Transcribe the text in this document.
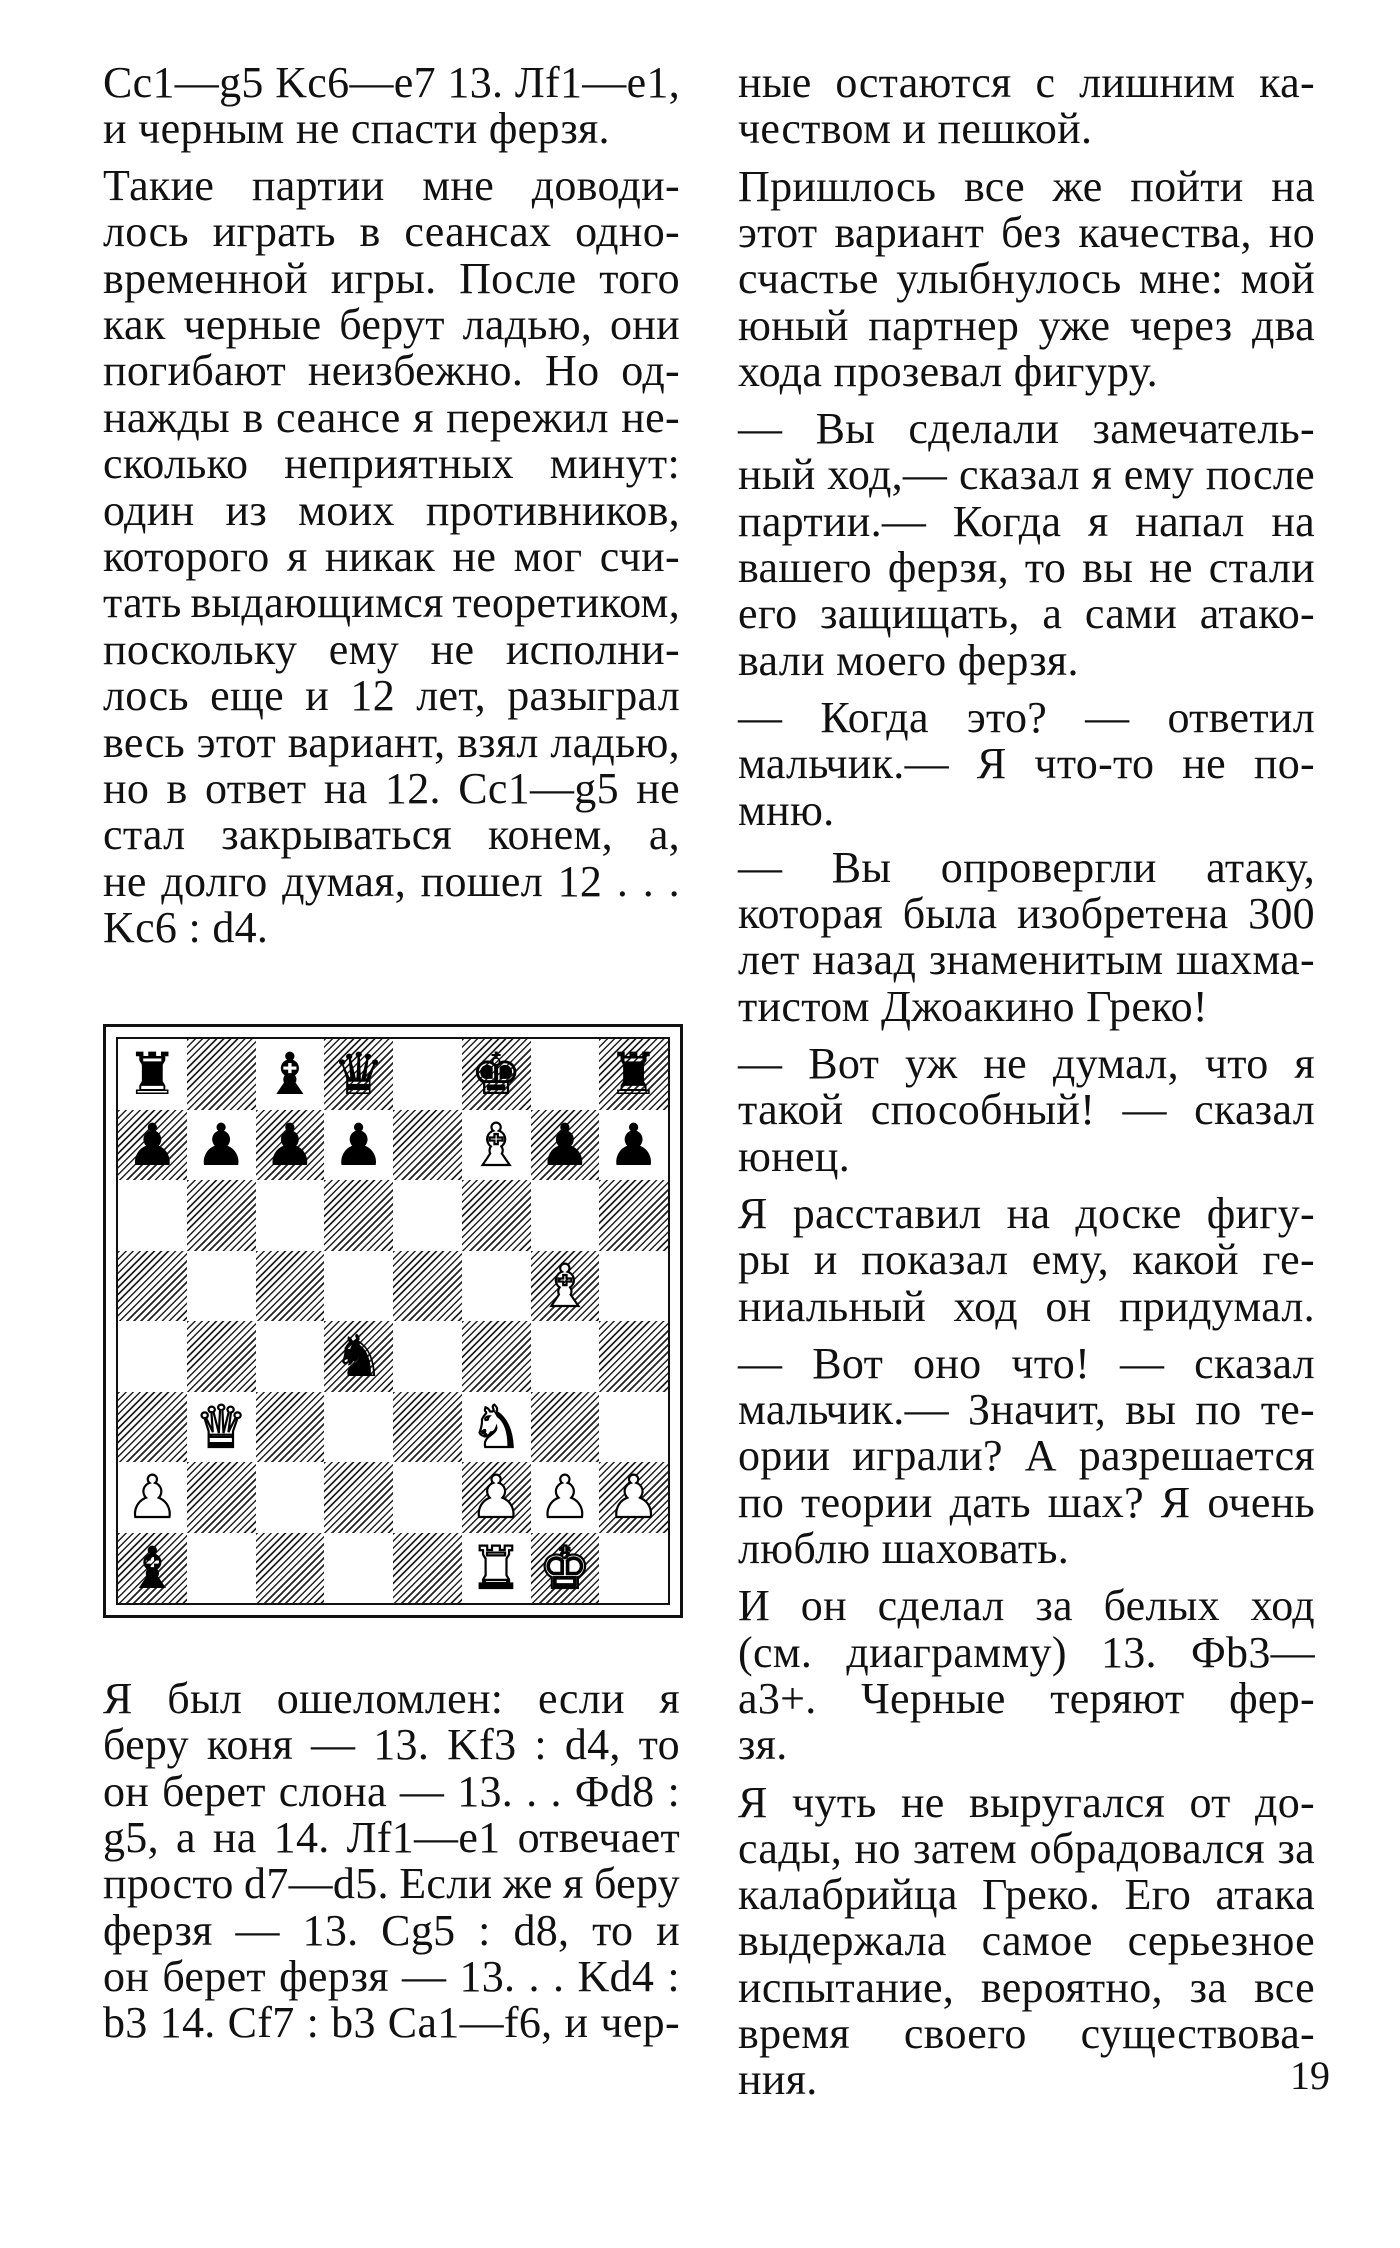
Cc1—g5 Kc6—e7 13. Лf1—e1,
и черным не спасти ферзя.
Такие партии мне доводи-
лось играть в сеансах одно-
временной игры. После того
как черные берут ладью, они
погибают неизбежно. Но од-
нажды в сеансе я пережил не-
сколько неприятных минут:
один из моих противников,
которого я никак не мог счи-
тать выдающимся теоретиком,
поскольку ему не исполни-
лось еще и 12 лет, разыграл
весь этот вариант, взял ладью,
но в ответ на 12. Cc1—g5 не
стал закрываться конем, а,
не долго думая, пошел 12 . . .
Kc6 : d4.
♜ ♝ ♛ ♚ ♜
♟ ♟ ♟ ♟ ♝ ♟ ♟
♝
♞
♛	♞
♟	♟ ♟ ♟
♝	♜ ♚
Я был ошеломлен: если я
беру коня — 13. Kf3 : d4, то
он берет слона — 13. . . Фd8 :
g5, а на 14. Лf1—e1 отвечает
просто d7—d5. Если же я беру
ферзя — 13. Cg5 : d8, то и
он берет ферзя — 13. . . Kd4 :
b3 14. Cf7 : b3 Ca1—f6, и чер-
ные остаются с лишним ка-
чеством и пешкой.
Пришлось все же пойти на
этот вариант без качества, но
счастье улыбнулось мне: мой
юный партнер уже через два
хода прозевал фигуру.
— Вы сделали замечатель-
ный ход,— сказал я ему после
партии.— Когда я напал на
вашего ферзя, то вы не стали
его защищать, а сами атако-
вали моего ферзя.
— Когда это? — ответил
мальчик.— Я что-то не по-
мню.
— Вы опровергли атаку,
которая была изобретена 300
лет назад знаменитым шахма-
тистом Джоакино Греко!
— Вот уж не думал, что я
такой способный! — сказал
юнец.
Я расставил на доске фигу-
ры и показал ему, какой ге-
ниальный ход он придумал.
— Вот оно что! — сказал
мальчик.— Значит, вы по те-
ории играли? А разрешается
по теории дать шах? Я очень
люблю шаховать.
И он сделал за белых ход
(см. диаграмму) 13. Фb3—
a3+. Черные теряют фер-
зя.
Я чуть не выругался от до-
сады, но затем обрадовался за
калабрийца Греко. Его атака
выдержала самое серьезное
испытание, вероятно, за все
время своего существова-
ния.	19
